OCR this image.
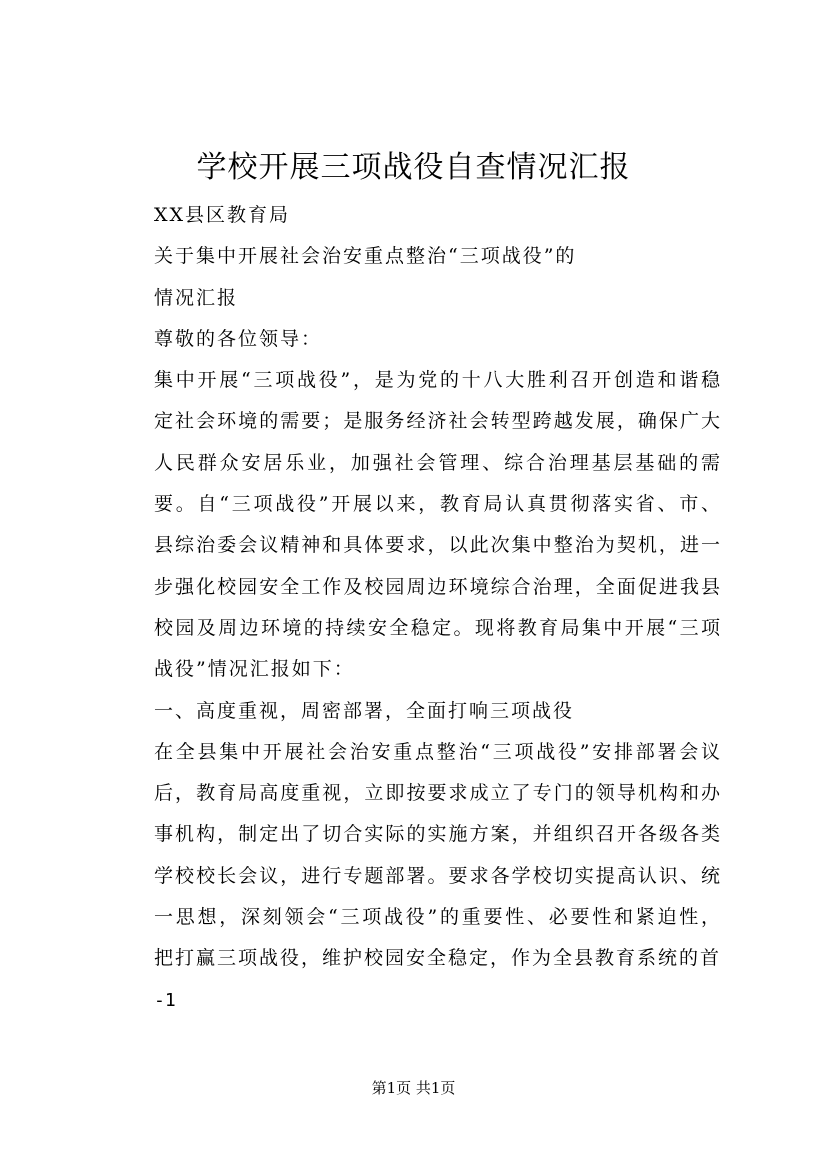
学校开展三项战役自查情况汇报

XX县区教育局

关于集中开展社会治安重点整治“三项战役”的

情况汇报

尊敬的各位领导：

集中开展“三项战役”，是为党的十八大胜利召开创造和谐稳定社会环境的需要；是服务经济社会转型跨越发展，确保广大人民群众安居乐业，加强社会管理、综合治理基层基础的需要。自“三项战役”开展以来，教育局认真贯彻落实省、市、县综治委会议精神和具体要求，以此次集中整治为契机，进一步强化校园安全工作及校园周边环境综合治理，全面促进我县校园及周边环境的持续安全稳定。现将教育局集中开展“三项战役”情况汇报如下：

一、高度重视，周密部署，全面打响三项战役

在全县集中开展社会治安重点整治“三项战役”安排部署会议后，教育局高度重视，立即按要求成立了专门的领导机构和办事机构，制定出了切合实际的实施方案，并组织召开各级各类学校校长会议，进行专题部署。要求各学校切实提高认识、统一思想，深刻领会“三项战役”的重要性、必要性和紧迫性，把打赢三项战役，维护校园安全稳定，作为全县教育系统的首

-1

第1页 共1页
